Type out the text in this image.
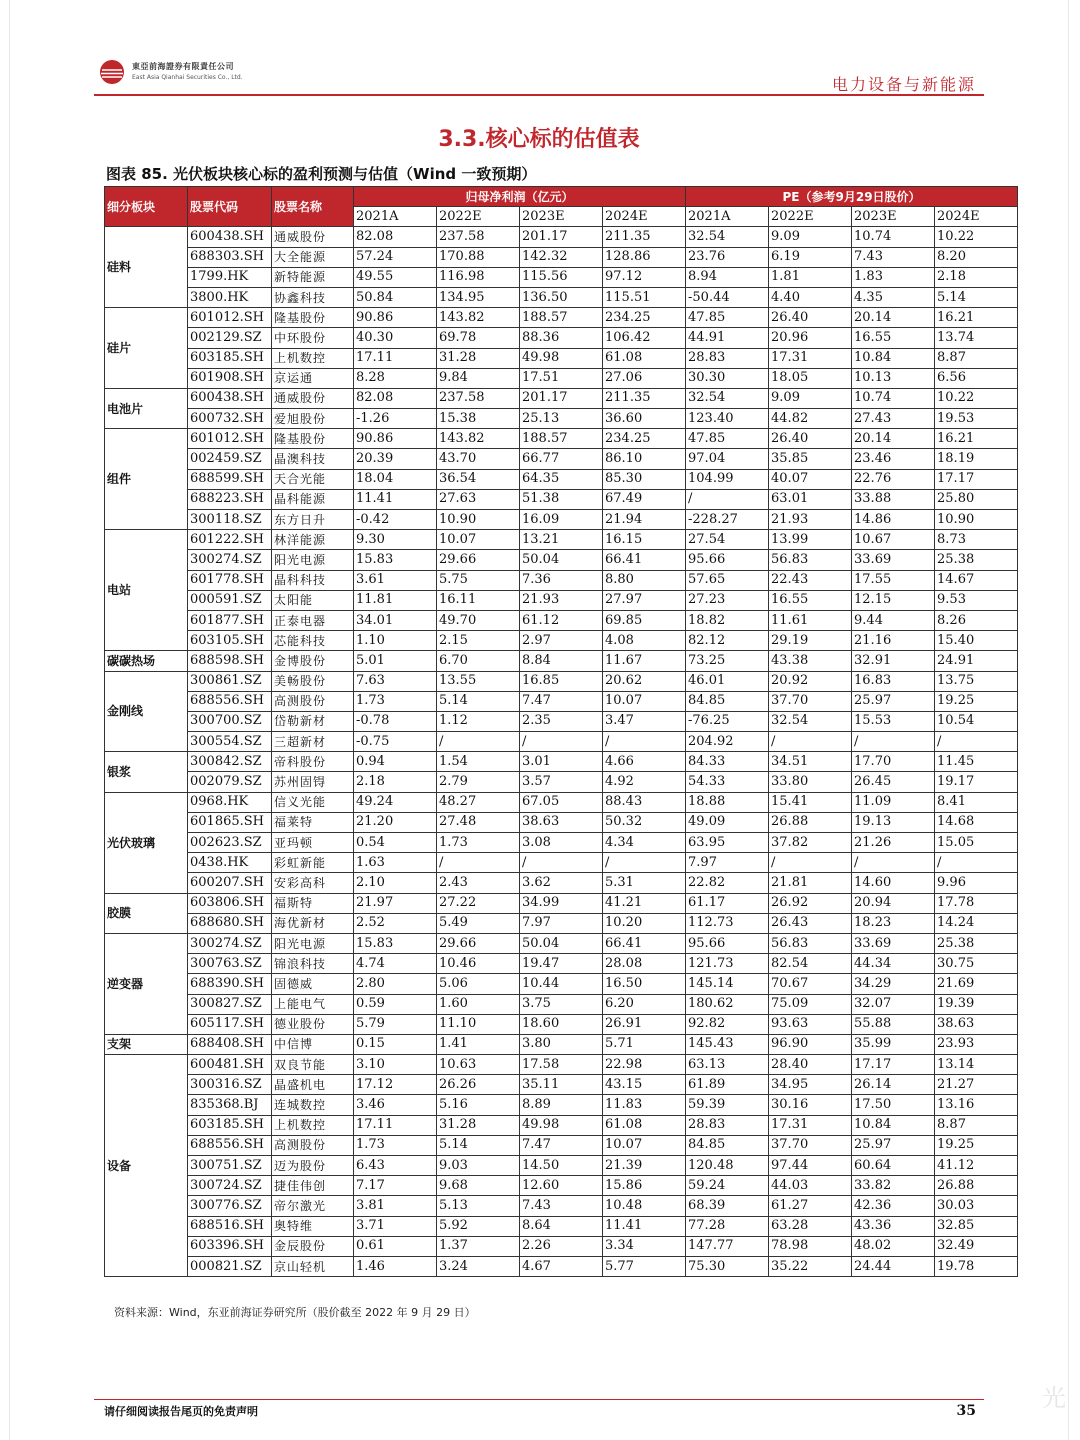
東亞前海證券有限責任公司
East Asia Qianhai Securities Co., Ltd.	电力设备与新能源
3.3.核心标的估值表
图表 85. 光伏板块核心标的盈利预测与估值（Wind 一致预期）
细分板块	股票代码	股票名称	归母净利润（亿元）				PE（参考9月29日股价）			
			2021A	2022E	2023E	2024E	2021A	2022E	2023E	2024E
硅料	600438.SH	通威股份	82.08	237.58	201.17	211.35	32.54	9.09	10.74	10.22
	688303.SH	大全能源	57.24	170.88	142.32	128.86	23.76	6.19	7.43	8.20
	1799.HK	新特能源	49.55	116.98	115.56	97.12	8.94	1.81	1.83	2.18
	3800.HK	协鑫科技	50.84	134.95	136.50	115.51	-50.44	4.40	4.35	5.14
硅片	601012.SH	隆基股份	90.86	143.82	188.57	234.25	47.85	26.40	20.14	16.21
	002129.SZ	中环股份	40.30	69.78	88.36	106.42	44.91	20.96	16.55	13.74
	603185.SH	上机数控	17.11	31.28	49.98	61.08	28.83	17.31	10.84	8.87
	601908.SH	京运通	8.28	9.84	17.51	27.06	30.30	18.05	10.13	6.56
电池片	600438.SH	通威股份	82.08	237.58	201.17	211.35	32.54	9.09	10.74	10.22
	600732.SH	爱旭股份	-1.26	15.38	25.13	36.60	123.40	44.82	27.43	19.53
组件	601012.SH	隆基股份	90.86	143.82	188.57	234.25	47.85	26.40	20.14	16.21
	002459.SZ	晶澳科技	20.39	43.70	66.77	86.10	97.04	35.85	23.46	18.19
	688599.SH	天合光能	18.04	36.54	64.35	85.30	104.99	40.07	22.76	17.17
	688223.SH	晶科能源	11.41	27.63	51.38	67.49	/	63.01	33.88	25.80
	300118.SZ	东方日升	-0.42	10.90	16.09	21.94	-228.27	21.93	14.86	10.90
电站	601222.SH	林洋能源	9.30	10.07	13.21	16.15	27.54	13.99	10.67	8.73
	300274.SZ	阳光电源	15.83	29.66	50.04	66.41	95.66	56.83	33.69	25.38
	601778.SH	晶科科技	3.61	5.75	7.36	8.80	57.65	22.43	17.55	14.67
	000591.SZ	太阳能	11.81	16.11	21.93	27.97	27.23	16.55	12.15	9.53
	601877.SH	正泰电器	34.01	49.70	61.12	69.85	18.82	11.61	9.44	8.26
	603105.SH	芯能科技	1.10	2.15	2.97	4.08	82.12	29.19	21.16	15.40
碳碳热场	688598.SH	金博股份	5.01	6.70	8.84	11.67	73.25	43.38	32.91	24.91
金刚线	300861.SZ	美畅股份	7.63	13.55	16.85	20.62	46.01	20.92	16.83	13.75
	688556.SH	高测股份	1.73	5.14	7.47	10.07	84.85	37.70	25.97	19.25
	300700.SZ	岱勒新材	-0.78	1.12	2.35	3.47	-76.25	32.54	15.53	10.54
	300554.SZ	三超新材	-0.75	/	/	/	204.92	/	/	/
银浆	300842.SZ	帝科股份	0.94	1.54	3.01	4.66	84.33	34.51	17.70	11.45
	002079.SZ	苏州固锝	2.18	2.79	3.57	4.92	54.33	33.80	26.45	19.17
光伏玻璃	0968.HK	信义光能	49.24	48.27	67.05	88.43	18.88	15.41	11.09	8.41
	601865.SH	福莱特	21.20	27.48	38.63	50.32	49.09	26.88	19.13	14.68
	002623.SZ	亚玛顿	0.54	1.73	3.08	4.34	63.95	37.82	21.26	15.05
	0438.HK	彩虹新能	1.63	/	/	/	7.97	/	/	/
	600207.SH	安彩高科	2.10	2.43	3.62	5.31	22.82	21.81	14.60	9.96
胶膜	603806.SH	福斯特	21.97	27.22	34.99	41.21	61.17	26.92	20.94	17.78
	688680.SH	海优新材	2.52	5.49	7.97	10.20	112.73	26.43	18.23	14.24
逆变器	300274.SZ	阳光电源	15.83	29.66	50.04	66.41	95.66	56.83	33.69	25.38
	300763.SZ	锦浪科技	4.74	10.46	19.47	28.08	121.73	82.54	44.34	30.75
	688390.SH	固德威	2.80	5.06	10.44	16.50	145.14	70.67	34.29	21.69
	300827.SZ	上能电气	0.59	1.60	3.75	6.20	180.62	75.09	32.07	19.39
	605117.SH	德业股份	5.79	11.10	18.60	26.91	92.82	93.63	55.88	38.63
支架	688408.SH	中信博	0.15	1.41	3.80	5.71	145.43	96.90	35.99	23.93
设备	600481.SH	双良节能	3.10	10.63	17.58	22.98	63.13	28.40	17.17	13.14
	300316.SZ	晶盛机电	17.12	26.26	35.11	43.15	61.89	34.95	26.14	21.27
	835368.BJ	连城数控	3.46	5.16	8.89	11.83	59.39	30.16	17.50	13.16
	603185.SH	上机数控	17.11	31.28	49.98	61.08	28.83	17.31	10.84	8.87
	688556.SH	高测股份	1.73	5.14	7.47	10.07	84.85	37.70	25.97	19.25
	300751.SZ	迈为股份	6.43	9.03	14.50	21.39	120.48	97.44	60.64	41.12
	300724.SZ	捷佳伟创	7.17	9.68	12.60	15.86	59.24	44.03	33.82	26.88
	300776.SZ	帝尔激光	3.81	5.13	7.43	10.48	68.39	61.27	42.36	30.03
	688516.SH	奥特维	3.71	5.92	8.64	11.41	77.28	63.28	43.36	32.85
	603396.SH	金辰股份	0.61	1.37	2.26	3.34	147.77	78.98	48.02	32.49
	000821.SZ	京山轻机	1.46	3.24	4.67	5.77	75.30	35.22	24.44	19.78
资料来源：Wind，东亚前海证券研究所（股价截至 2022 年 9 月 29 日）
请仔细阅读报告尾页的免责声明	35	光
